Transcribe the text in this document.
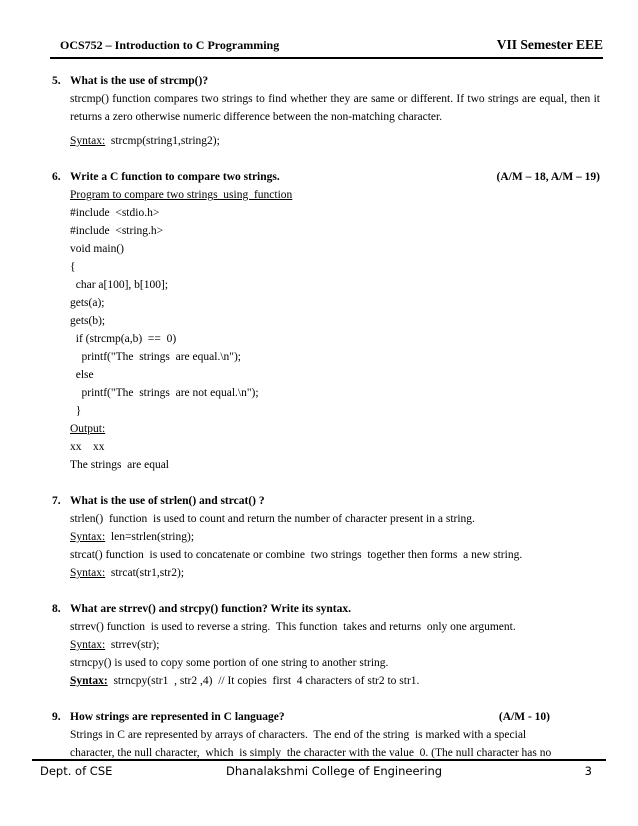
OCS752 – Introduction to C Programming	VII Semester EEE
5. What is the use of strcmp()?
strcmp() function compares two strings to find whether they are same or different. If two strings are equal, then it returns a zero otherwise numeric difference between the non-matching character.
Syntax:  strcmp(string1,string2);
6. Write a C function to compare two strings.	(A/M – 18, A/M – 19)
Program to compare two strings  using  function
#include  <stdio.h>
#include  <string.h>
void main()
{
char a[100], b[100];
gets(a);
gets(b);
if (strcmp(a,b)  ==  0)
printf("The  strings  are equal.\n");
else
printf("The  strings  are not equal.\n");
}
Output:
xx    xx
The strings  are equal
7. What is the use of strlen() and strcat() ?
strlen()  function  is used to count and return the number of character present in a string.
Syntax:  len=strlen(string);
strcat() function  is used to concatenate or combine  two strings  together then forms  a new string.
Syntax:  strcat(str1,str2);
8. What are strrev() and strcpy() function? Write its syntax.
strrev() function  is used to reverse a string.  This function  takes and returns  only one argument.
Syntax:  strrev(str);
strncpy() is used to copy some portion of one string to another string.
Syntax:  strncpy(str1  , str2 ,4)  // It copies  first  4 characters of str2 to str1.
9. How strings are represented in C language?	(A/M - 10)
Strings in C are represented by arrays of characters.  The end of the string  is marked with a special
character, the null character,  which  is simply  the character with the value  0. (The null character has no
Dept. of CSE	Dhanalakshmi College of Engineering	3
